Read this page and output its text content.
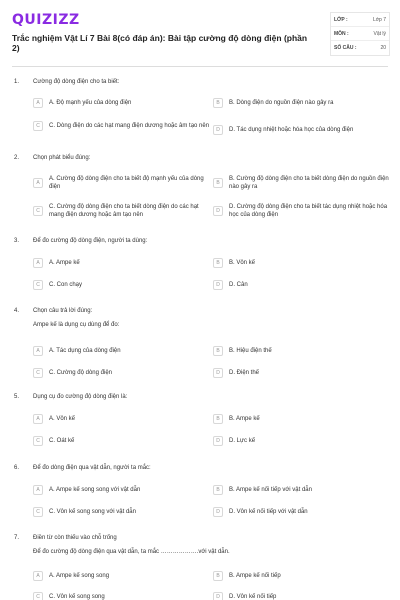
QUIZIZZ
Trắc nghiệm Vật Lí 7 Bài 8(có đáp án): Bài tập cường độ dòng điện (phần 2)
LỚP :	Lớp 7
MÔN :	Vật lý
SỐ CÂU :	20
1. Cường độ dòng điện cho ta biết:
A	A. Độ mạnh yếu của dòng điện	B	B. Dòng điện do nguồn điện nào gây ra
C	C. Dòng điện do các hạt mang điện dương hoặc âm tạo nên
D	D. Tác dụng nhiệt hoặc hóa học của dòng điện
2. Chọn phát biểu đúng:
A
A. Cường độ dòng điện cho ta biết độ mạnh yếu của dòng điện
B
B. Cường độ dòng điện cho ta biết dòng điện do nguồn điện nào gây ra
C
C. Cường độ dòng điện cho ta biết dòng điện do các hạt mang điện dương hoặc âm tạo nên
D
D. Cường độ dòng điện cho ta biết tác dụng nhiệt hoặc hóa học của dòng điện
3. Để đo cường độ dòng điện, người ta dùng:
A	A. Ampe kế	B	B. Vôn kế
C	C. Con chạy	D	D. Cân
4. Chọn câu trả lời đúng:
Ampe kế là dụng cụ dùng để đo:
A	A. Tác dụng của dòng điện	B	B. Hiệu điện thế
C	C. Cường độ dòng điện	D	D. Điện thế
5. Dụng cụ đo cường độ dòng điện là:
A	A. Vôn kế	B	B. Ampe kế
C	C. Oát kế	D	D. Lực kế
6. Để đo dòng điện qua vật dẫn, người ta mắc:
A	A. Ampe kế song song với vật dẫn	B	B. Ampe kế nối tiếp với vật dẫn
C	C. Vôn kế song song với vật dẫn	D	D. Vôn kế nối tiếp với vật dẫn
7. Điền từ còn thiếu vào chỗ trống
Để đo cường độ dòng điện qua vật dẫn, ta mắc ……………….với vật dẫn.
A	A. Ampe kế song song	B	B. Ampe kế nối tiếp
C	C. Vôn kế song song	D	D. Vôn kế nối tiếp
